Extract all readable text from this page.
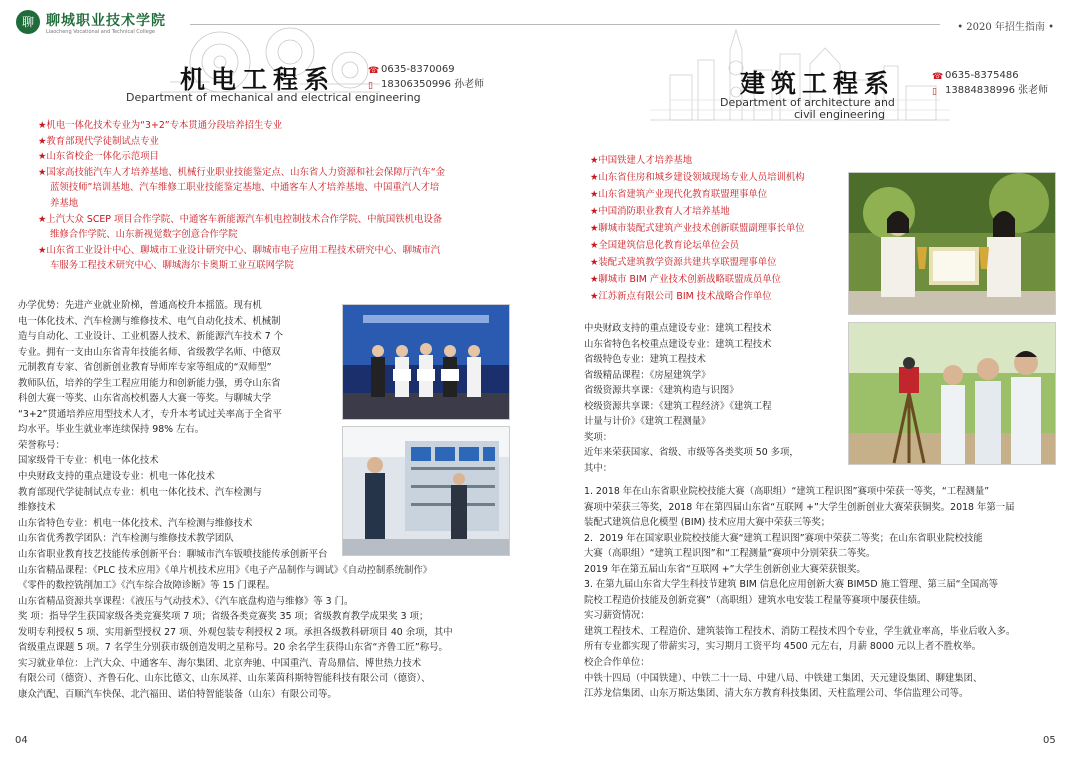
聊 聊城职业技术学院
Liaocheng Vocational and Technical College
机电工程系
Department of mechanical and electrical engineering
☎ 0635-8370069
▯ 18306350996 孙老师
★机电一体化技术专业为“3+2”专本贯通分段培养招生专业
★教育部现代学徒制试点专业
★山东省校企一体化示范项目
★国家高技能汽车人才培养基地、机械行业职业技能鉴定点、山东省人力资源和社会保障厅汽车“金
蓝领技师”培训基地、汽车维修工职业技能鉴定基地、中通客车人才培养基地、中国重汽人才培
养基地
★上汽大众 SCEP 项目合作学院、中通客车新能源汽车机电控制技术合作学院、中航国铁机电设备
维修合作学院、山东新视觉数字创意合作学院
★山东省工业设计中心、聊城市工业设计研究中心、聊城市电子应用工程技术研究中心、聊城市汽
车服务工程技术研究中心、聊城海尔卡奥斯工业互联网学院
办学优势：先进产业就业阶梯，普通高校升本摇篮。现有机
电一体化技术、汽车检测与维修技术、电气自动化技术、机械制
造与自动化、工业设计、工业机器人技术、新能源汽车技术 7 个
专业。拥有一支由山东省青年技能名师、省级教学名师、中德双
元制教育专家、省创新创业教育导师库专家等组成的“双师型”
教师队伍，培养的学生工程应用能力和创新能力强，勇夺山东省
科创大赛一等奖、山东省高校机器人大赛一等奖。与聊城大学
“3+2”贯通培养应用型技术人才，专升本考试过关率高于全省平
均水平。毕业生就业率连续保持 98% 左右。
荣誉称号：
国家级骨干专业：机电一体化技术
中央财政支持的重点建设专业：机电一体化技术
教育部现代学徒制试点专业：机电一体化技术、汽车检测与
维修技术
山东省特色专业：机电一体化技术、汽车检测与维修技术
山东省优秀教学团队：汽车检测与维修技术教学团队
山东省职业教育技艺技能传承创新平台：聊城市汽车钣喷技能传承创新平台
山东省精品课程：《PLC 技术应用》《单片机技术应用》《电子产品制作与调试》《自动控制系统制作》
《零件的数控铣削加工》《汽车综合故障诊断》等 15 门课程。
山东省精品资源共享课程：《液压与气动技术》、《汽车底盘构造与维修》等 3 门。
奖 项：指导学生获国家级各类竞赛奖项 7 项；省级各类竞赛奖 35 项；省级教育教学成果奖 3 项；
发明专利授权 5 项、实用新型授权 27 项、外观包装专利授权 2 项。承担各级教科研项目 40 余项，其中
省级重点课题 5 项。7 名学生分别获市级创造发明之星称号。20 余名学生获得山东省“齐鲁工匠”称号。
实习就业单位：上汽大众、中通客车、海尔集团、北京奔驰、中国重汽、青岛鼎信、博世热力技术
有限公司（德资）、齐鲁石化、山东比德文、山东凤祥、山东莱茵科斯特智能科技有限公司（德资）、
康众汽配、百顺汽车快保、北汽福田、诺伯特智能装备（山东）有限公司等。
04
• 2020 年招生指南 •
建筑工程系
Department of architecture and
civil engineering
☎ 0635-8375486
▯ 13884838996 张老师
★中国铁建人才培养基地
★山东省住房和城乡建设领域现场专业人员培训机构
★山东省建筑产业现代化教育联盟理事单位
★中国消防职业教育人才培养基地
★聊城市装配式建筑产业技术创新联盟副理事长单位
★全国建筑信息化教育论坛单位会员
★装配式建筑教学资源共建共享联盟理事单位
★聊城市 BIM 产业技术创新战略联盟成员单位
★江苏新点有限公司 BIM 技术战略合作单位
中央财政支持的重点建设专业：建筑工程技术
山东省特色名校重点建设专业：建筑工程技术
省级特色专业：建筑工程技术
省级精品课程：《房屋建筑学》
省级资源共享课：《建筑构造与识图》
校级资源共享课：《建筑工程经济》《建筑工程
计量与计价》《建筑工程测量》
奖项：
近年来荣获国家、省级、市级等各类奖项 50 多项，
其中：
1. 2018 年在山东省职业院校技能大赛（高职组）“建筑工程识图”赛项中荣获一等奖，“工程测量”
赛项中荣获三等奖，2018 年在第四届山东省“互联网 +”大学生创新创业大赛荣获铜奖。2018 年第一届
装配式建筑信息化模型 (BIM) 技术应用大赛中荣获三等奖；
2．2019 年在国家职业院校技能大赛“建筑工程识图”赛项中荣获二等奖；在山东省职业院校技能
大赛（高职组）“建筑工程识图”和“工程测量”赛项中分别荣获二等奖。
2019 年在第五届山东省“互联网 +”大学生创新创业大赛荣获银奖。
3. 在第九届山东省大学生科技节建筑 BIM 信息化应用创新大赛 BIM5D 施工管理、第三届“全国高等
院校工程造价技能及创新竞赛”（高职组）建筑水电安装工程量等赛项中屡获佳绩。
实习薪资情况：
建筑工程技术、工程造价、建筑装饰工程技术、消防工程技术四个专业，学生就业率高，毕业后收入多。
所有专业都实现了带薪实习，实习期月工资平均 4500 元左右，月薪 8000 元以上者不胜枚举。
校企合作单位：
中铁十四局（中国铁建）、中铁二十一局、中建八局、中铁建工集团、天元建设集团、聊建集团、
江苏龙信集团、山东万斯达集团、清大东方教育科技集团、天柱监理公司、华信监理公司等。
05
